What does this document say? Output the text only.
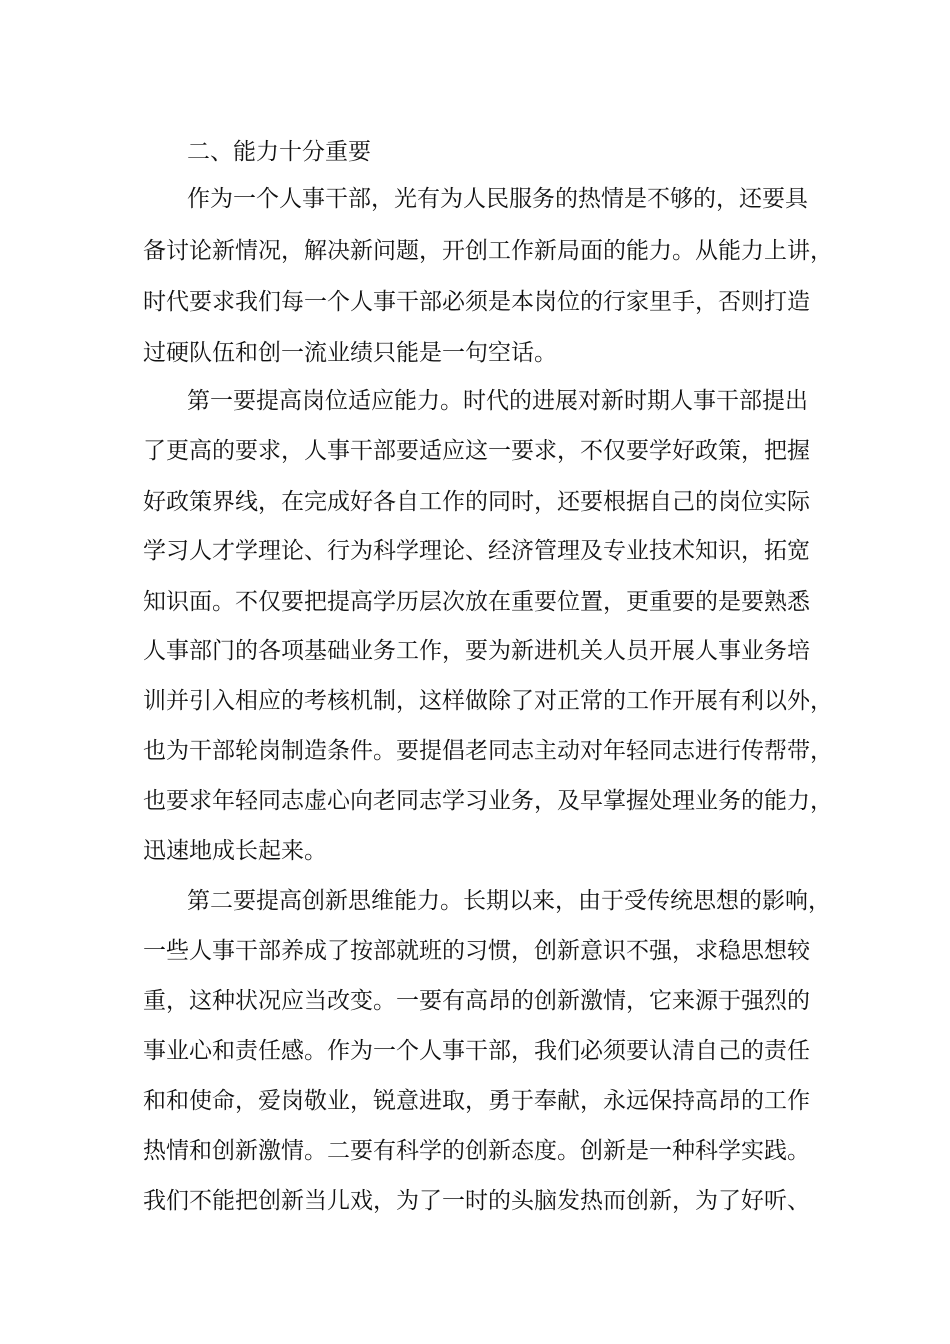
二、能力十分重要
作为一个人事干部，光有为人民服务的热情是不够的，还要具
备讨论新情况，解决新问题，开创工作新局面的能力。从能力上讲，
时代要求我们每一个人事干部必须是本岗位的行家里手，否则打造
过硬队伍和创一流业绩只能是一句空话。
第一要提高岗位适应能力。时代的进展对新时期人事干部提出
了更高的要求，人事干部要适应这一要求，不仅要学好政策，把握
好政策界线，在完成好各自工作的同时，还要根据自己的岗位实际
学习人才学理论、行为科学理论、经济管理及专业技术知识，拓宽
知识面。不仅要把提高学历层次放在重要位置，更重要的是要熟悉
人事部门的各项基础业务工作，要为新进机关人员开展人事业务培
训并引入相应的考核机制，这样做除了对正常的工作开展有利以外，
也为干部轮岗制造条件。要提倡老同志主动对年轻同志进行传帮带，
也要求年轻同志虚心向老同志学习业务，及早掌握处理业务的能力，
迅速地成长起来。
第二要提高创新思维能力。长期以来，由于受传统思想的影响，
一些人事干部养成了按部就班的习惯，创新意识不强，求稳思想较
重，这种状况应当改变。一要有高昂的创新激情，它来源于强烈的
事业心和责任感。作为一个人事干部，我们必须要认清自己的责任
和和使命，爱岗敬业，锐意进取，勇于奉献，永远保持高昂的工作
热情和创新激情。二要有科学的创新态度。创新是一种科学实践。
我们不能把创新当儿戏，为了一时的头脑发热而创新，为了好听、
